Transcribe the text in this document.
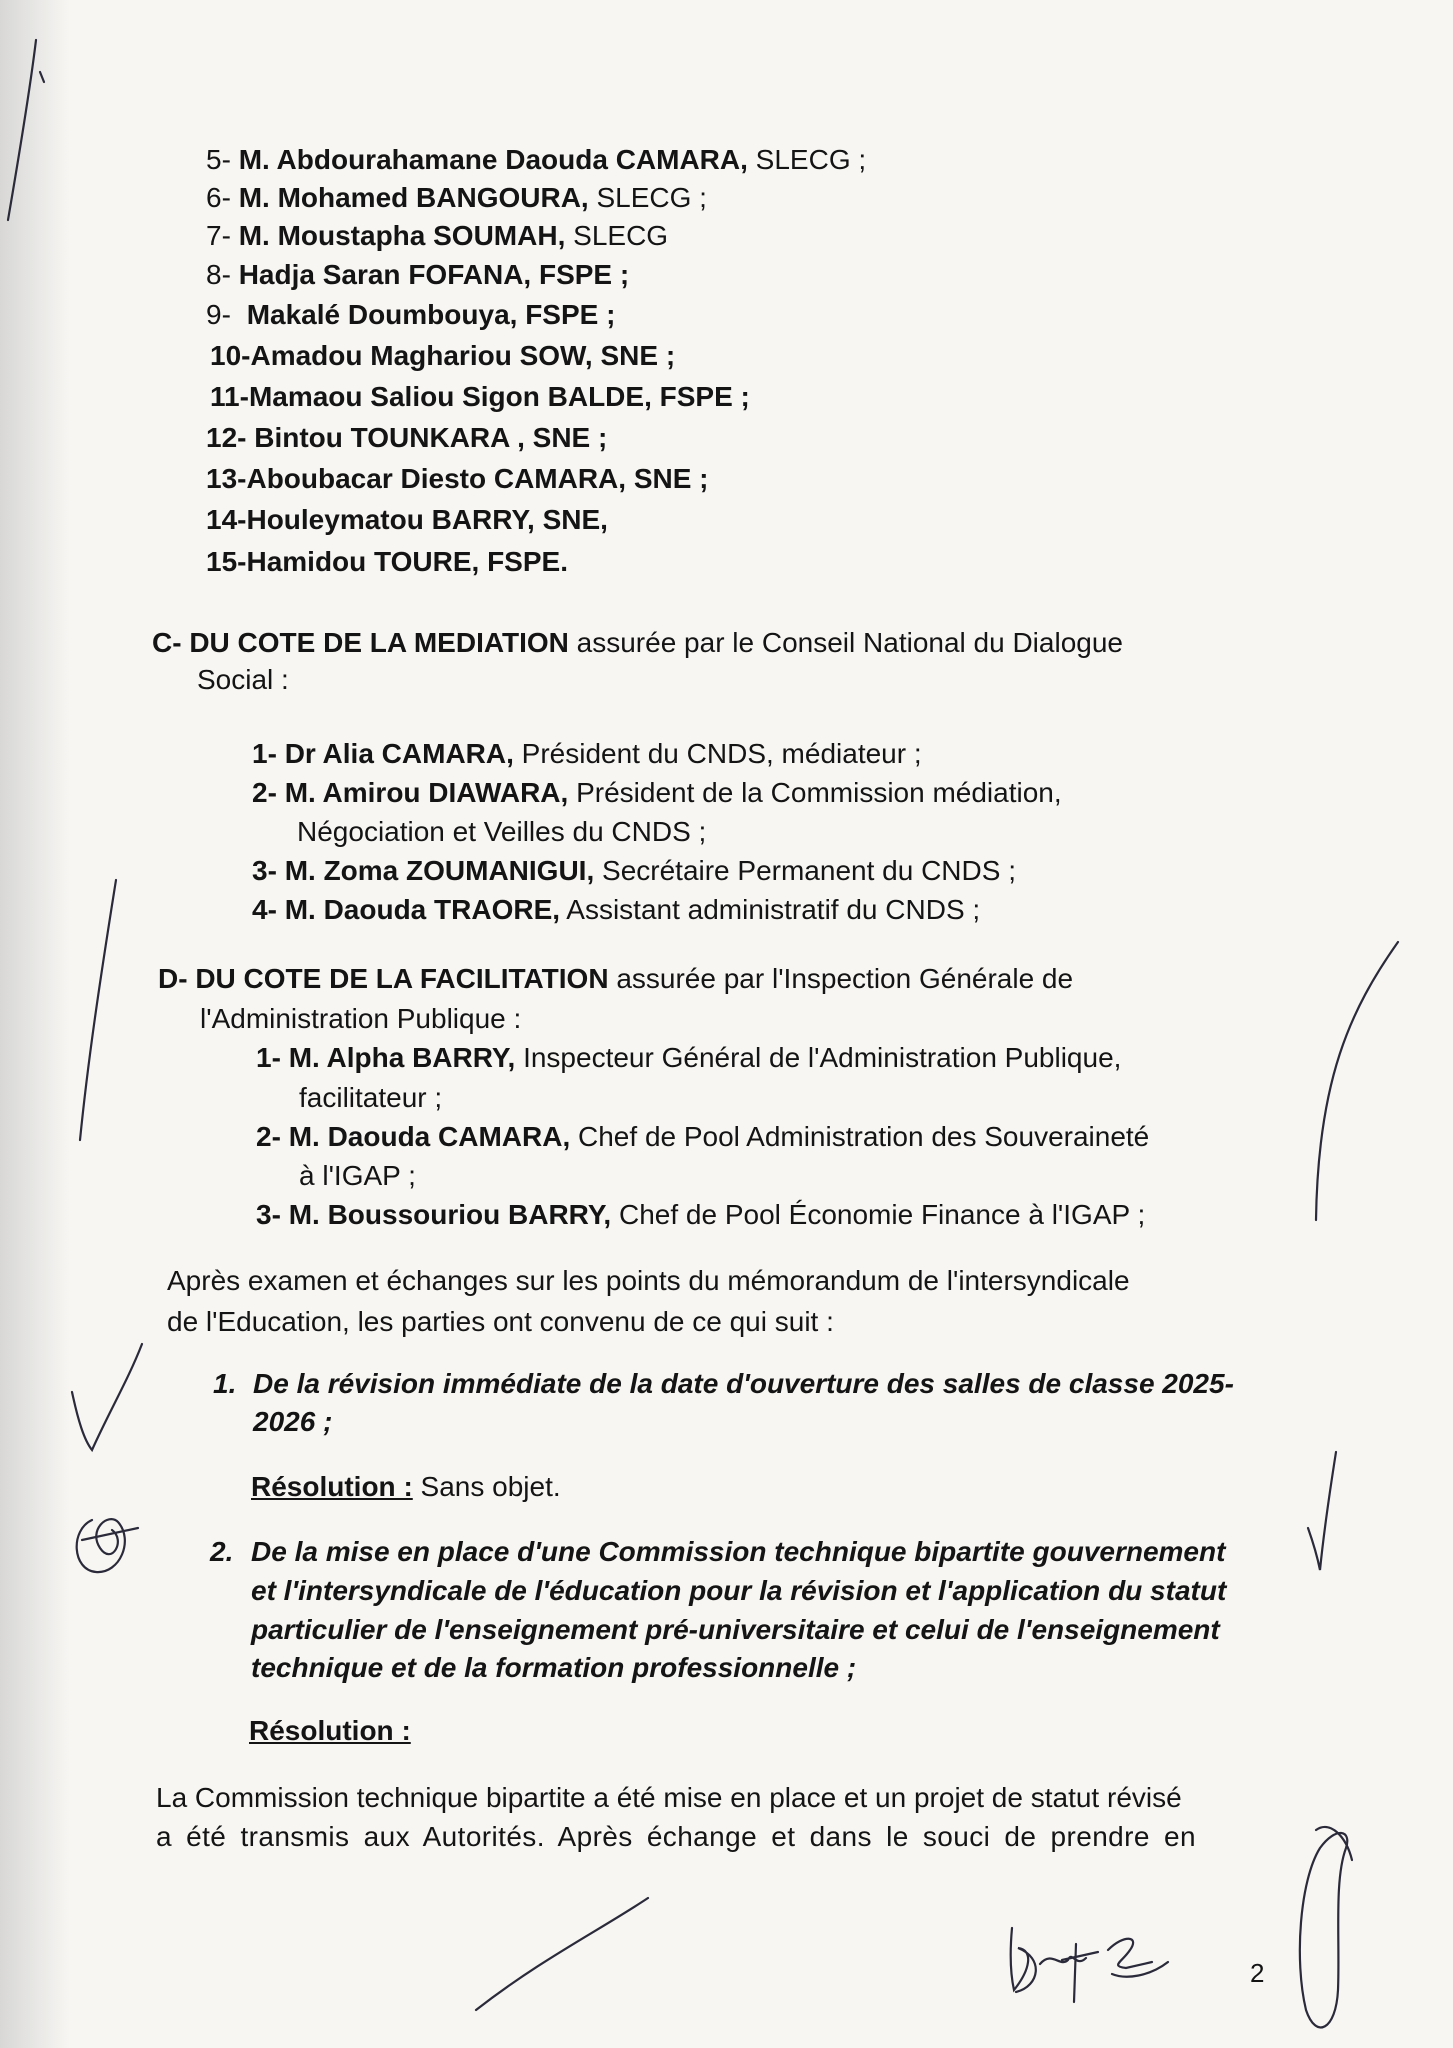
5- M. Abdourahamane Daouda CAMARA, SLECG ;
6- M. Mohamed BANGOURA, SLECG ;
7- M. Moustapha SOUMAH, SLECG
8- Hadja Saran FOFANA, FSPE ;
9- Makalé Doumbouya, FSPE ;
10-Amadou Maghariou SOW, SNE ;
11-Mamaou Saliou Sigon BALDE, FSPE ;
12- Bintou TOUNKARA , SNE ;
13-Aboubacar Diesto CAMARA, SNE ;
14-Houleymatou BARRY, SNE,
15-Hamidou TOURE, FSPE.
C- DU COTE DE LA MEDIATION assurée par le Conseil National du Dialogue
Social :
1- Dr Alia CAMARA, Président du CNDS, médiateur ;
2- M. Amirou DIAWARA, Président de la Commission médiation,
Négociation et Veilles du CNDS ;
3- M. Zoma ZOUMANIGUI, Secrétaire Permanent du CNDS ;
4- M. Daouda TRAORE, Assistant administratif du CNDS ;
D- DU COTE DE LA FACILITATION assurée par l'Inspection Générale de
l'Administration Publique :
1- M. Alpha BARRY, Inspecteur Général de l'Administration Publique,
facilitateur ;
2- M. Daouda CAMARA, Chef de Pool Administration des Souveraineté
à l'IGAP ;
3- M. Boussouriou BARRY, Chef de Pool Économie Finance à l'IGAP ;
Après examen et échanges sur les points du mémorandum de l'intersyndicale
de l'Education, les parties ont convenu de ce qui suit :
1. De la révision immédiate de la date d'ouverture des salles de classe 2025-
2026 ;
Résolution : Sans objet.
2. De la mise en place d'une Commission technique bipartite gouvernement
et l'intersyndicale de l'éducation pour la révision et l'application du statut
particulier de l'enseignement pré-universitaire et celui de l'enseignement
technique et de la formation professionnelle ;
Résolution :
La Commission technique bipartite a été mise en place et un projet de statut révisé
a été transmis aux Autorités. Après échange et dans le souci de prendre en
2
